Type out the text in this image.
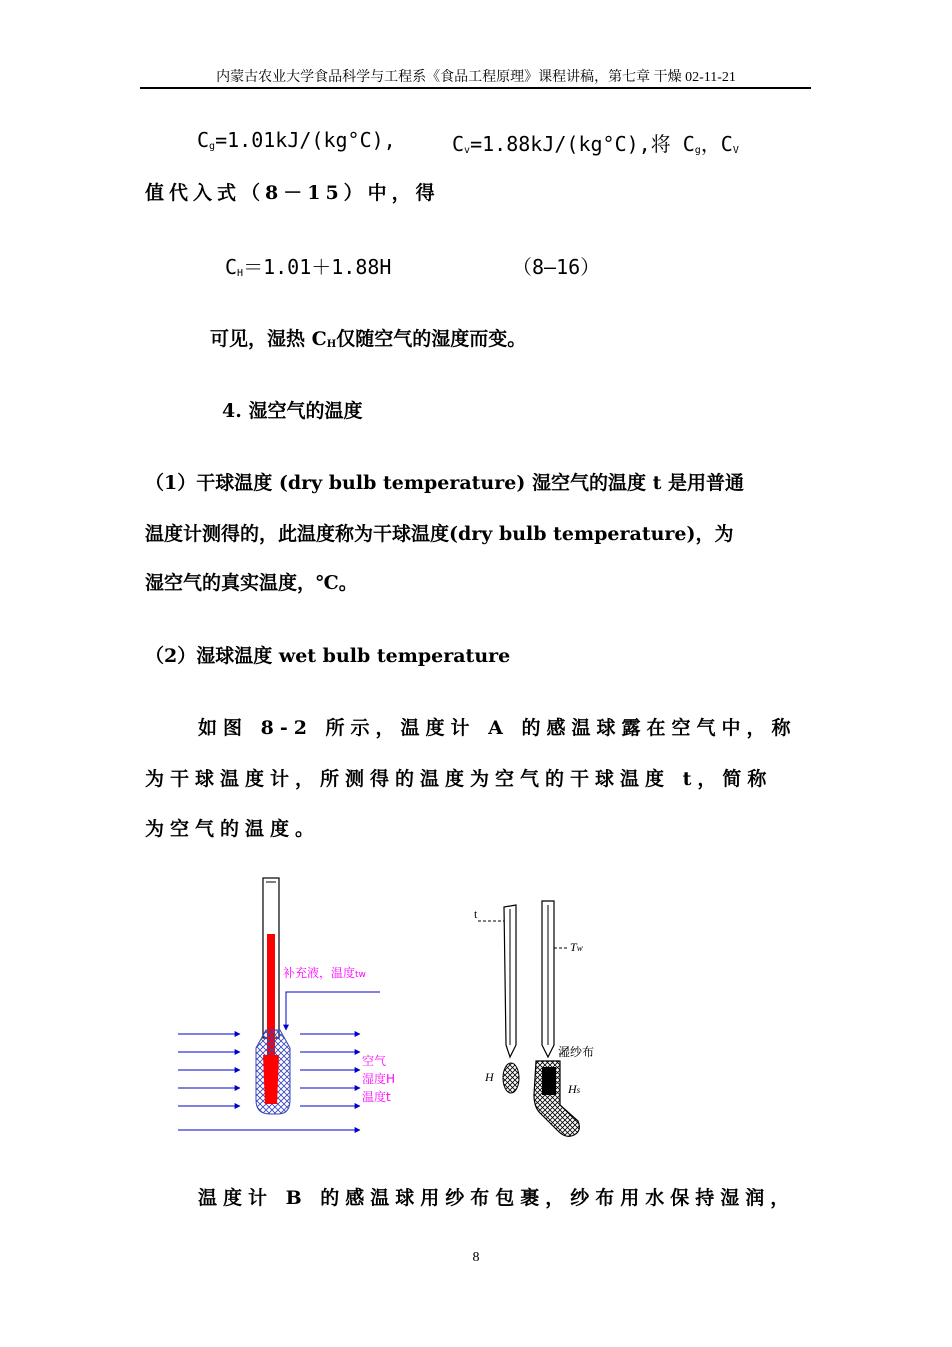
内蒙古农业大学食品科学与工程系《食品工程原理》课程讲稿，第七章 干燥 02-11-21
$C_g=1.01kJ/(kg^\circ C)$,	$C_v=1.88kJ/(kg^\circ C)$,将 $C_g$，$C_V$
值代入式（8－15）中，得
$C_H=1.01+1.88H$	（8—16）
可见，湿热 $C_H$仅随空气的湿度而变。
4. 湿空气的温度
（1）干球温度 (dry bulb temperature) 湿空气的温度 t 是用普通
温度计测得的，此温度称为干球温度(dry bulb temperature)，为
湿空气的真实温度，℃。
（2）湿球温度 wet bulb temperature
如图 8-2 所示，温度计 A 的感温球露在空气中，称
为干球温度计，所测得的温度为空气的干球温度 t，简称
为空气的温度。
补充液，温度tw
空气
湿度H
温度t
t
Tw
湿纱布
H
Hs
温度计 B 的感温球用纱布包裹，纱布用水保持湿润，
8
